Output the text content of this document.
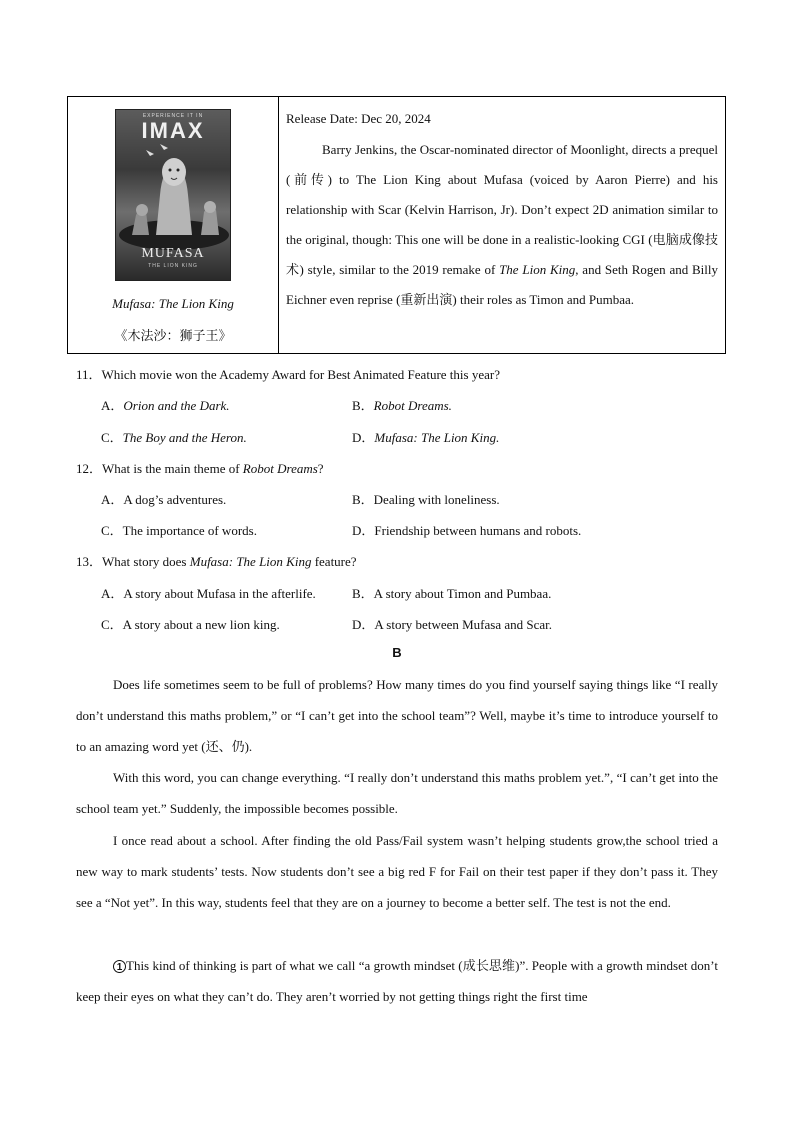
EXPERIENCE IT IN
IMAX
MUFASA
THE LION KING
Mufasa: The Lion King
《木法沙：狮子王》
Release Date: Dec 20, 2024
Barry Jenkins, the Oscar-nominated director of Moonlight, directs a prequel (前传) to The Lion King about Mufasa (voiced by Aaron Pierre) and his relationship with Scar (Kelvin Harrison, Jr). Don’t expect 2D animation similar to the original, though: This one will be done in a realistic-looking CGI (电脑成像技术) style, similar to the 2019 remake of The Lion King, and Seth Rogen and Billy Eichner even reprise (重新出演) their roles as Timon and Pumbaa.
11．Which movie won the Academy Award for Best Animated Feature this year?
A．Orion and the Dark.	B．Robot Dreams.
C．The Boy and the Heron.	D．Mufasa: The Lion King.
12．What is the main theme of Robot Dreams?
A．A dog’s adventures.	B．Dealing with loneliness.
C．The importance of words.	D．Friendship between humans and robots.
13．What story does Mufasa: The Lion King feature?
A．A story about Mufasa in the afterlife.	B．A story about Timon and Pumbaa.
C．A story about a new lion king.	D．A story between Mufasa and Scar.
B
Does life sometimes seem to be full of problems? How many times do you find yourself saying things like “I really don’t understand this maths problem,” or “I can’t get into the school team”? Well, maybe it’s time to introduce yourself to to an amazing word yet (还、仍).
With this word, you can change everything. “I really don’t understand this maths problem yet.”, “I can’t get into the school team yet.” Suddenly, the impossible becomes possible.
I once read about a school. After finding the old Pass/Fail system wasn’t helping students grow,the school tried a new way to mark students’ tests. Now students don’t see a big red F for Fail on their test paper if they don’t pass it. They see a “Not yet”. In this way, students feel that they are on a journey to become a better self. The test is not the end.
1 This kind of thinking is part of what we call “a growth mindset (成长思维)”. People with a growth mindset don’t keep their eyes on what they can’t do. They aren’t worried by not getting things right the first time
